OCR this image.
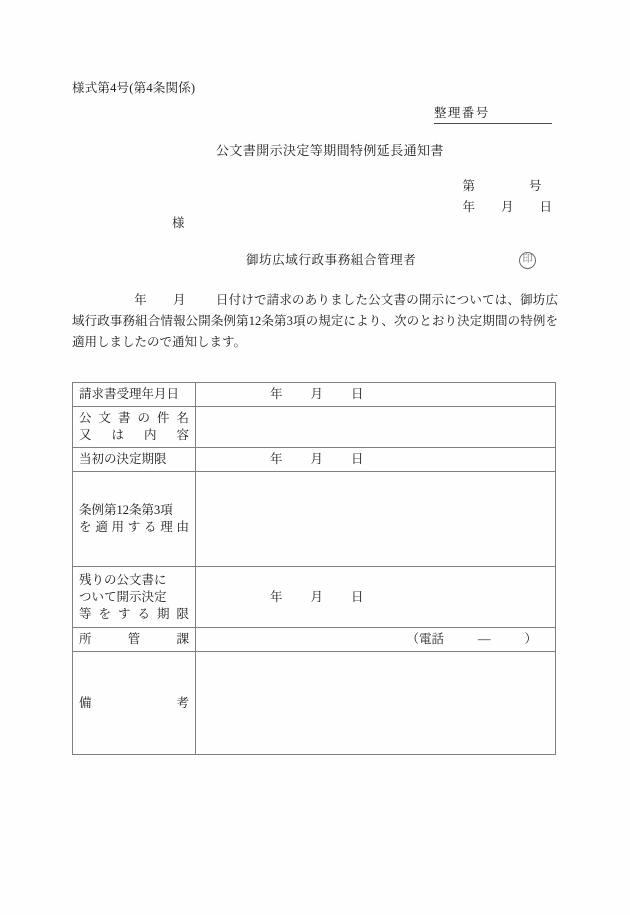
様式第4号(第4条関係)
整理番号
公文書開示決定等期間特例延長通知書

第	号

年 月 日

様
御坊広域行政事務組合管理者	印
年 月 日付けで請求のありました公文書の開示については、御坊広域行政事務組合情報公開条例第12条第3項の規定により、次のとおり決定期間の特例を適用しましたので通知します。
請求書受理年月日	年 月 日

公文書の件名
又は内容	

当初の決定期限	年 月 日

条例第12条第3項
を適用する理由	

残りの公文書に
ついて開示決定
等をする期限	年 月 日

所管課	（電話 ― ）

備考	
